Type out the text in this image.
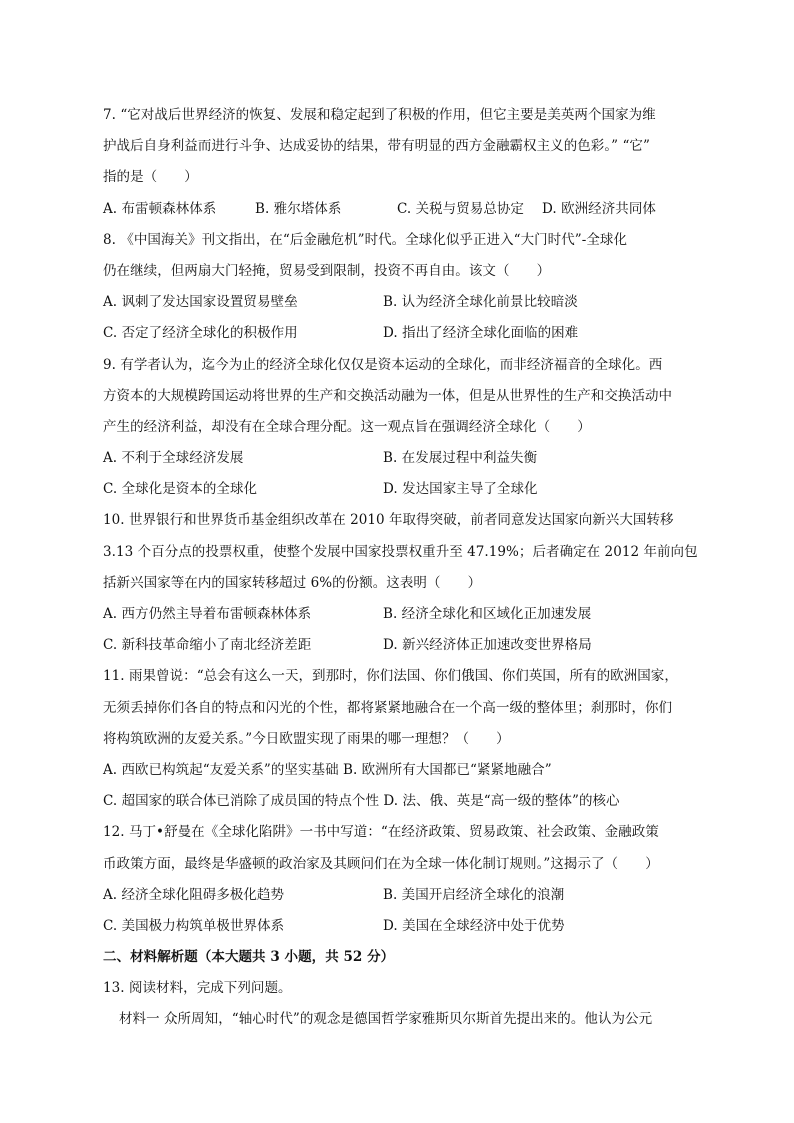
7. “它对战后世界经济的恢复、发展和稳定起到了积极的作用，但它主要是美英两个国家为维
护战后自身利益而进行斗争、达成妥协的结果，带有明显的西方金融霸权主义的色彩。” “它”
指的是（　　）
A. 布雷顿森林体系	B. 雅尔塔体系	C. 关税与贸易总协定	D. 欧洲经济共同体
8. 《中国海关》刊文指出，在“后金融危机”时代。全球化似乎正进入“大门时代”-全球化
仍在继续，但两扇大门轻掩，贸易受到限制，投资不再自由。该文（　　）
A. 讽刺了发达国家设置贸易壁垒	B. 认为经济全球化前景比较暗淡
C. 否定了经济全球化的积极作用	D. 指出了经济全球化面临的困难
9. 有学者认为，迄今为止的经济全球化仅仅是资本运动的全球化，而非经济福音的全球化。西
方资本的大规模跨国运动将世界的生产和交换活动融为一体，但是从世界性的生产和交换活动中
产生的经济利益，却没有在全球合理分配。这一观点旨在强调经济全球化（　　）
A. 不利于全球经济发展	B. 在发展过程中利益失衡
C. 全球化是资本的全球化	D. 发达国家主导了全球化
10. 世界银行和世界货币基金组织改革在 2010 年取得突破，前者同意发达国家向新兴大国转移
3.13 个百分点的投票权重，使整个发展中国家投票权重升至 47.19%；后者确定在 2012 年前向包
括新兴国家等在内的国家转移超过 6%的份额。这表明（　　）
A. 西方仍然主导着布雷顿森林体系	B. 经济全球化和区域化正加速发展
C. 新科技革命缩小了南北经济差距	D. 新兴经济体正加速改变世界格局
11. 雨果曾说：“总会有这么一天，到那时，你们法国、你们俄国、你们英国，所有的欧洲国家，
无须丢掉你们各自的特点和闪光的个性，都将紧紧地融合在一个高一级的整体里；刹那时，你们
将构筑欧洲的友爱关系。”今日欧盟实现了雨果的哪一理想？（　　）
A. 西欧已构筑起“友爱关系”的坚实基础 B. 欧洲所有大国都已“紧紧地融合”
C. 超国家的联合体已消除了成员国的特点个性 D. 法、俄、英是“高一级的整体”的核心
12. 马丁•舒曼在《全球化陷阱》一书中写道：“在经济政策、贸易政策、社会政策、金融政策
币政策方面，最终是华盛顿的政治家及其顾问们在为全球一体化制订规则。”这揭示了（　　）
A. 经济全球化阻碍多极化趋势	B. 美国开启经济全球化的浪潮
C. 美国极力构筑单极世界体系	D. 美国在全球经济中处于优势
二、材料解析题（本大题共 3 小题，共 52 分）
13. 阅读材料，完成下列问题。
材料一 众所周知，“轴心时代”的观念是德国哲学家雅斯贝尔斯首先提出来的。他认为公元
